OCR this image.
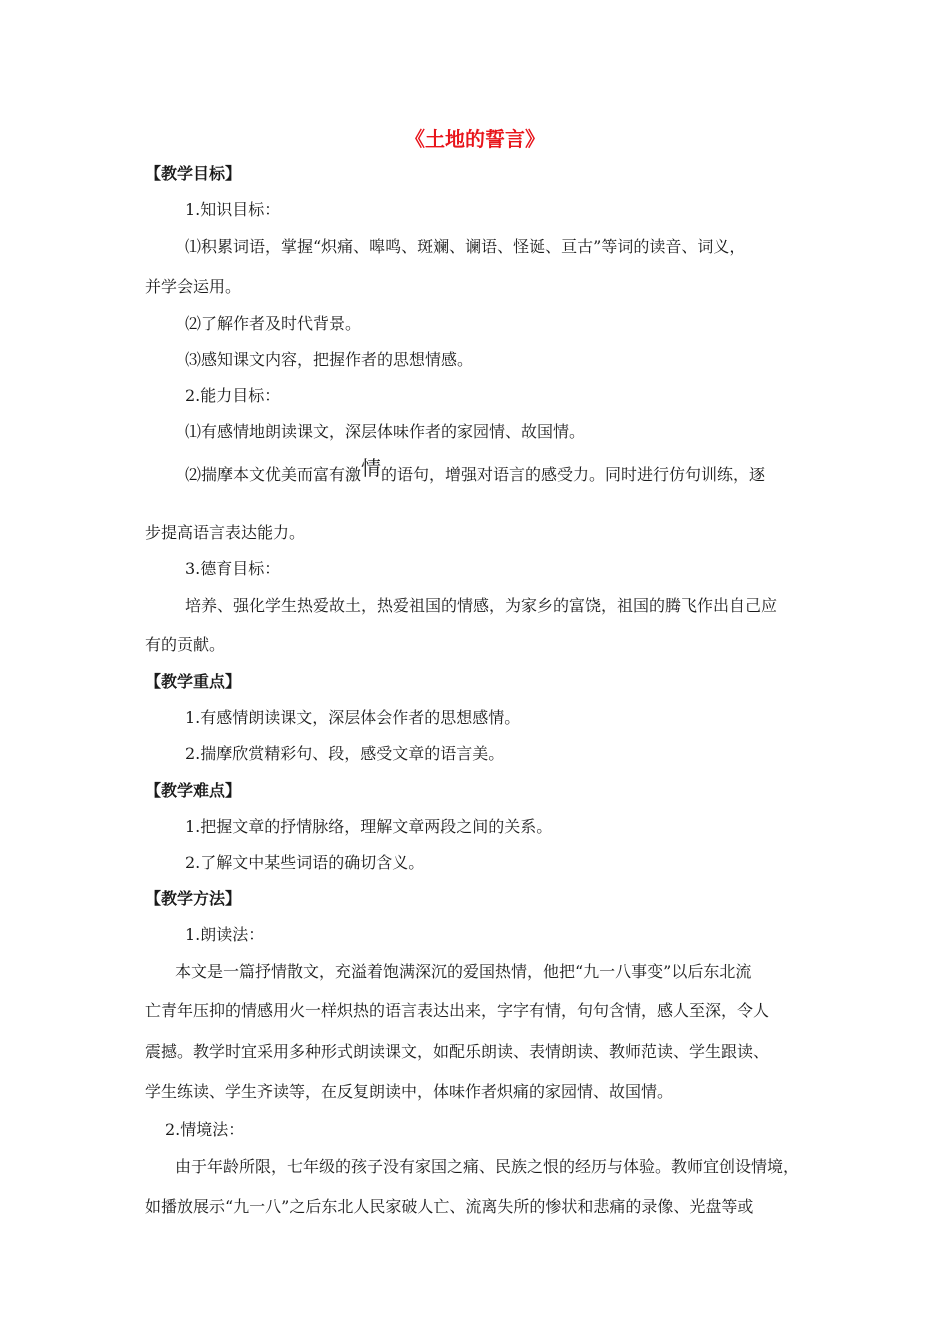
《土地的誓言》
【教学目标】
1.知识目标：
⑴积累词语，掌握“炽痛、嗥鸣、斑斓、谰语、怪诞、亘古”等词的读音、词义，
并学会运用。
⑵了解作者及时代背景。
⑶感知课文内容，把握作者的思想情感。
2.能力目标：
⑴有感情地朗读课文，深层体味作者的家园情、故国情。
⑵揣摩本文优美而富有激情的语句，增强对语言的感受力。同时进行仿句训练，逐
步提高语言表达能力。
3.德育目标：
培养、强化学生热爱故土，热爱祖国的情感，为家乡的富饶，祖国的腾飞作出自己应
有的贡献。
【教学重点】
1.有感情朗读课文，深层体会作者的思想感情。
2.揣摩欣赏精彩句、段，感受文章的语言美。
【教学难点】
1.把握文章的抒情脉络，理解文章两段之间的关系。
2.了解文中某些词语的确切含义。
【教学方法】
1.朗读法：
本文是一篇抒情散文，充溢着饱满深沉的爱国热情，他把“九一八事变”以后东北流
亡青年压抑的情感用火一样炽热的语言表达出来，字字有情，句句含情，感人至深，令人
震撼。教学时宜采用多种形式朗读课文，如配乐朗读、表情朗读、教师范读、学生跟读、
学生练读、学生齐读等，在反复朗读中，体味作者炽痛的家园情、故国情。
2.情境法：
由于年龄所限，七年级的孩子没有家国之痛、民族之恨的经历与体验。教师宜创设情境，
如播放展示“九一八”之后东北人民家破人亡、流离失所的惨状和悲痛的录像、光盘等或
